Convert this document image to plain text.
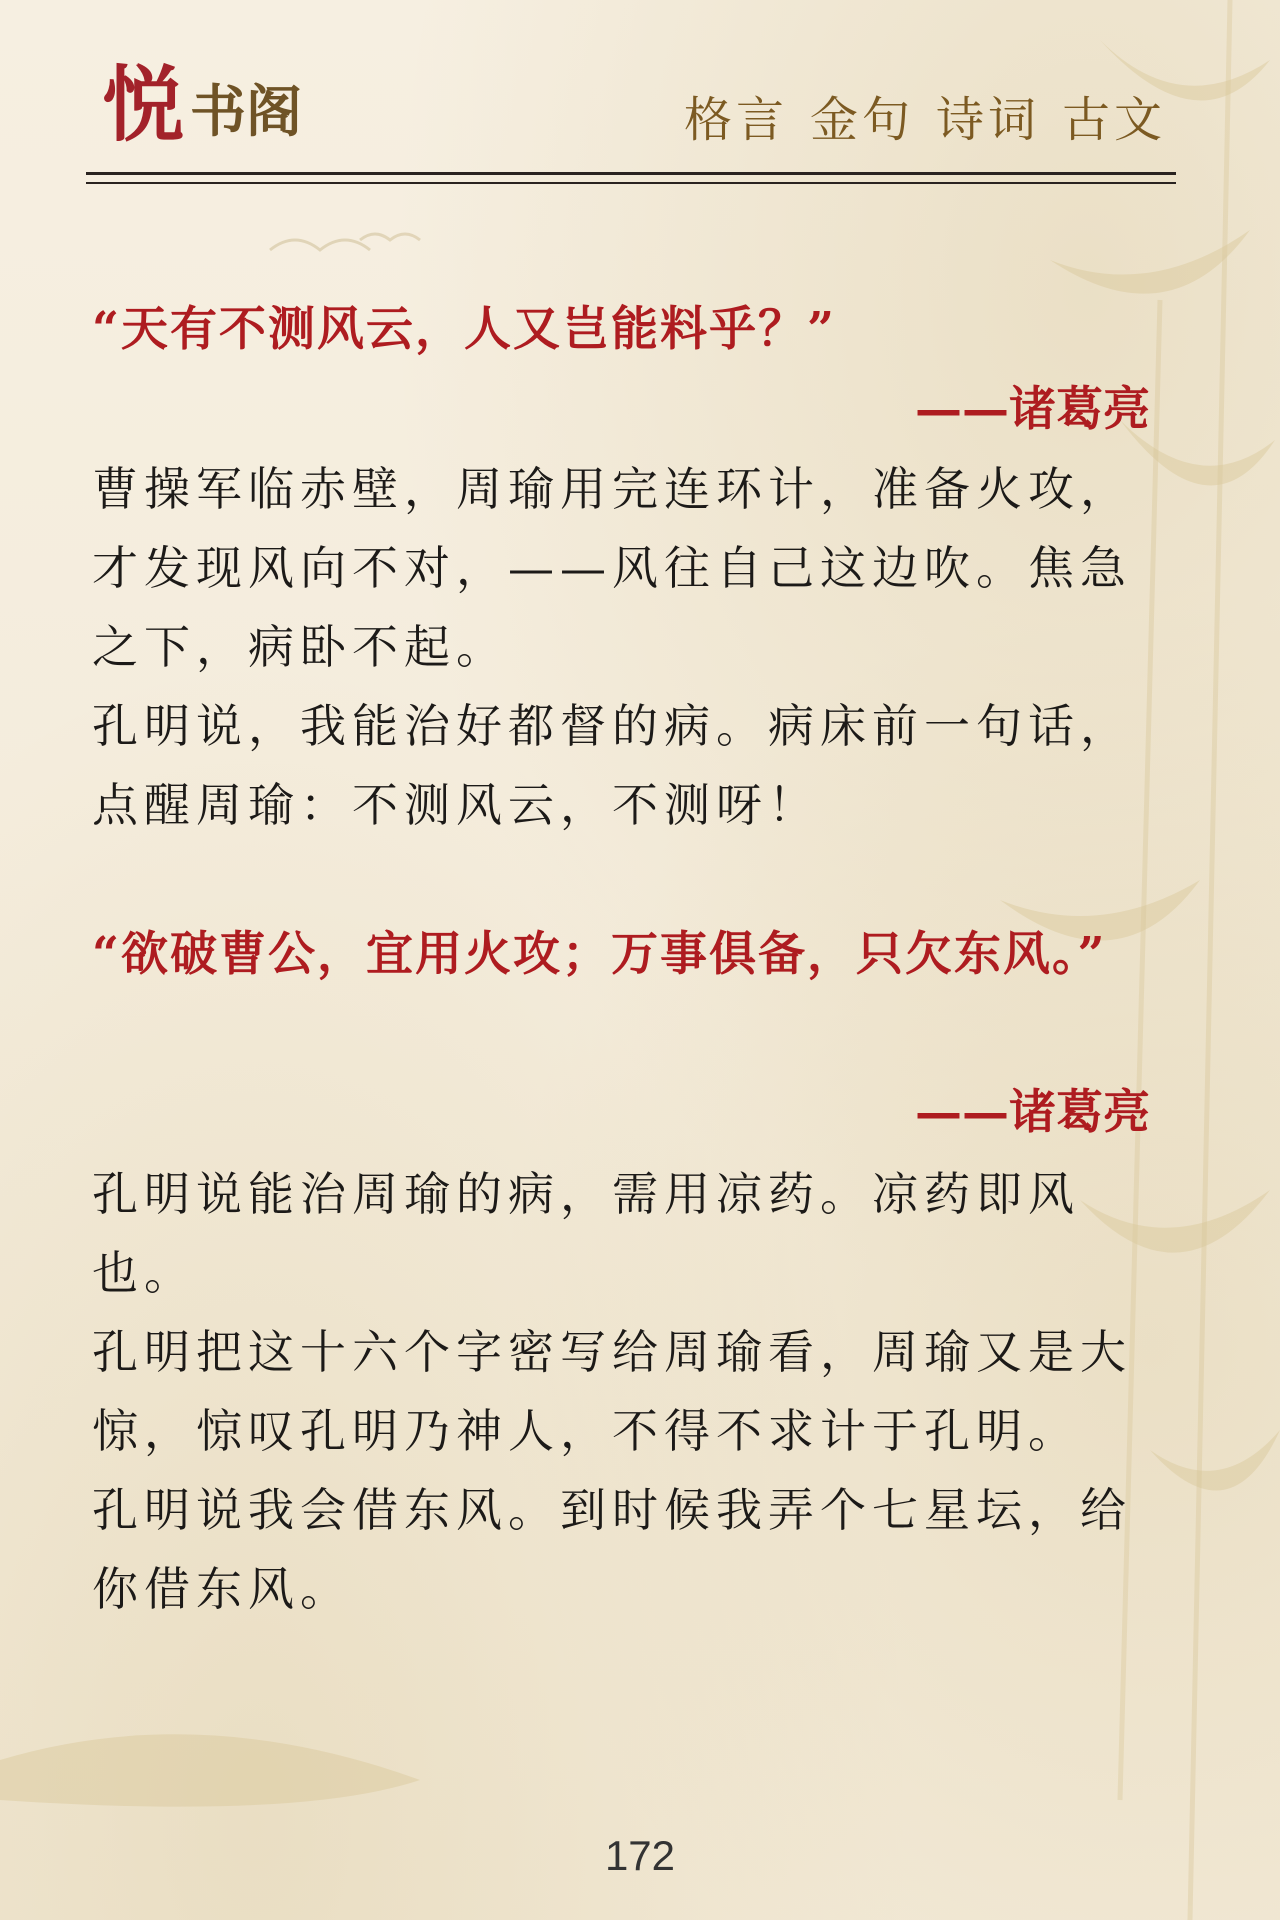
悦 书阁	格言 金句 诗词 古文
“天有不测风云，人又岂能料乎？”
——诸葛亮

曹操军临赤壁，周瑜用完连环计，准备火攻，才发现风向不对，——风往自己这边吹。焦急之下，病卧不起。

孔明说，我能治好都督的病。病床前一句话，点醒周瑜：不测风云，不测呀！

“欲破曹公，宜用火攻；万事俱备，只欠东风。”
——诸葛亮

孔明说能治周瑜的病，需用凉药。凉药即风也。

孔明把这十六个字密写给周瑜看，周瑜又是大惊，惊叹孔明乃神人，不得不求计于孔明。

孔明说我会借东风。到时候我弄个七星坛，给你借东风。

172
